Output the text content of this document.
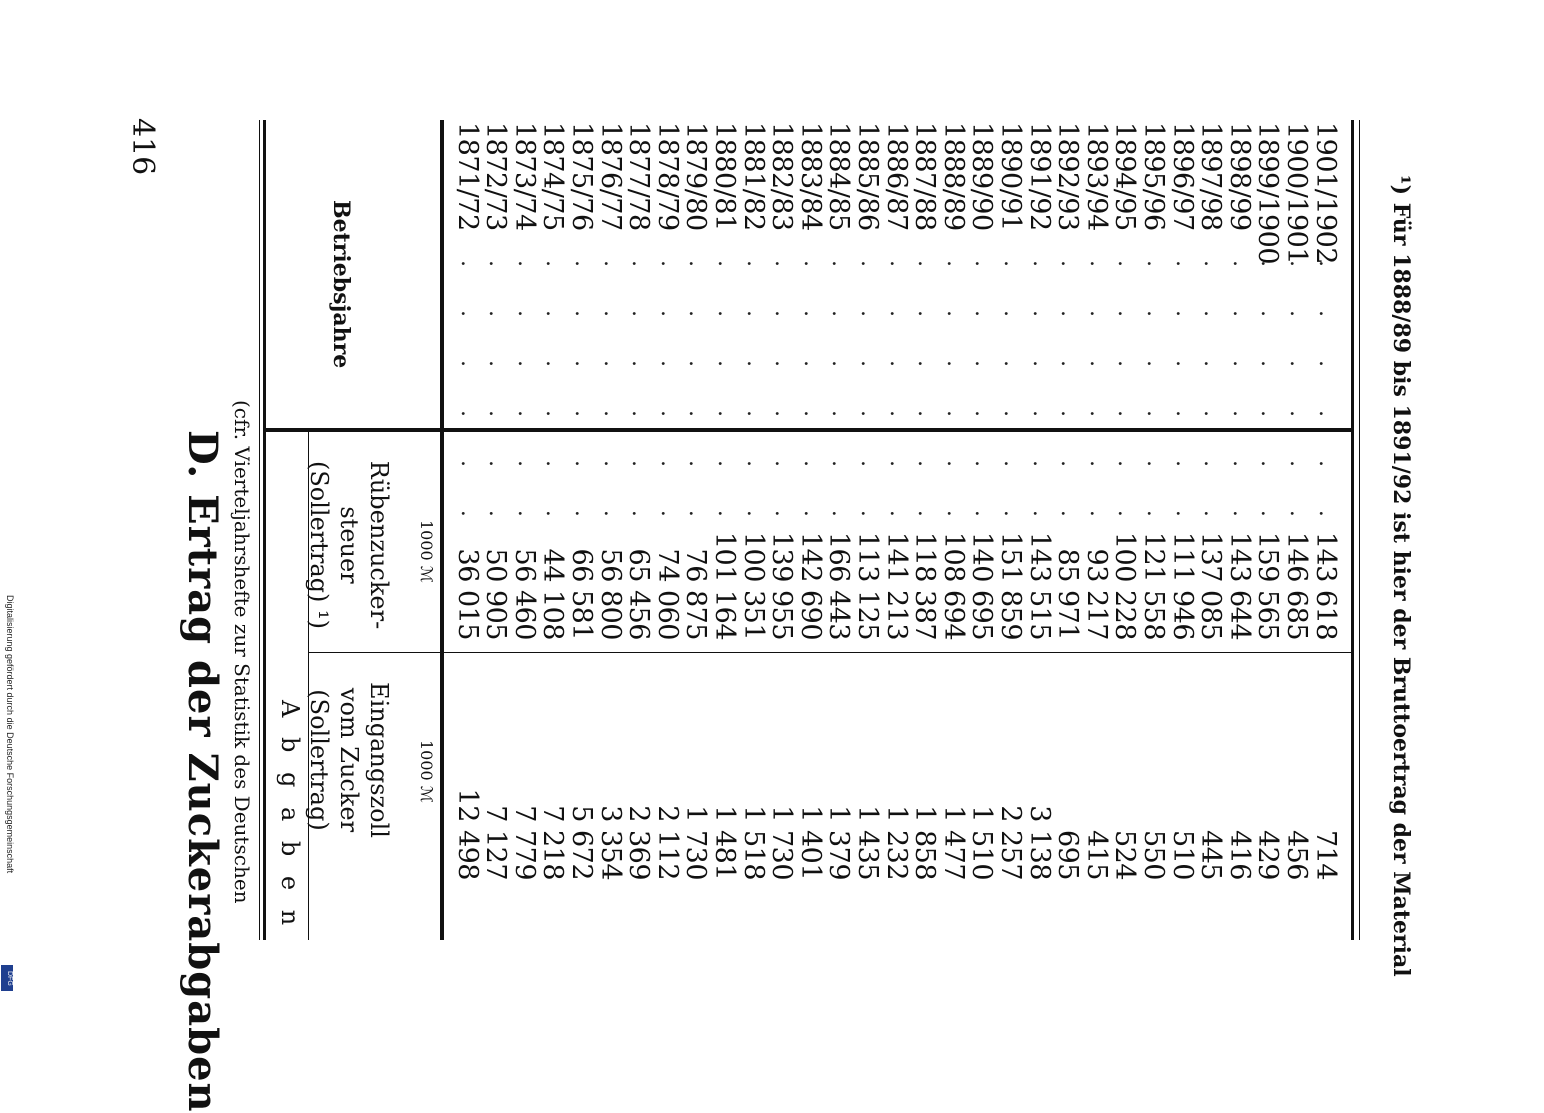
416
D. Ertrag der Zuckerabgaben (cfr. Vierteljahrshefte zur Statistik des Deutschen A b g a b e n
Betriebsjahre
Rübenzucker- steuer (Sollertrag) ¹)
Eingangszoll vom Zucker (Sollertrag)
1000 ℳ
1000 ℳ
1871/72
. . . . . .
36 015
12 498
1872/73
. . . . . .
50 905
7 127
1873/74
. . . . . .
56 460
7 779
1874/75
. . . . . .
44 108
7 218
1875/76
. . . . . .
66 581
5 672
1876/77
. . . . . .
56 800
3 354
1877/78
. . . . . .
65 456
2 369
1878/79
. . . . . .
74 060
2 112
1879/80
. . . . . .
76 875
1 730
1880/81
. . . . . .
101 164
1 481
1881/82
. . . . . .
100 351
1 518
1882/83
. . . . . .
139 955
1 730
1883/84
. . . . . .
142 690
1 401
1884/85
. . . . . .
166 443
1 379
1885/86
. . . . . .
113 125
1 435
1886/87
. . . . . .
141 213
1 232
1887/88
. . . . . .
118 387
1 858
1888/89
. . . . . .
108 694
1 477
1889/90
. . . . . .
140 695
1 510
1890/91
. . . . . .
151 859
2 257
1891/92
. . . . . .
143 515
3 138
1892/93
. . . . . .
85 971
695
1893/94
. . . . . .
93 217
415
1894/95
. . . . . .
100 228
524
1895/96
. . . . . .
121 558
550
1896/97
. . . . . .
111 946
510
1897/98
. . . . . .
137 085
445
1898/99
. . . . . .
143 644
416
1899/1900
. . . . . .
159 565
429
1900/1901
. . . . . .
146 685
456
1901/1902
. . . . . .
143 618
714 ¹) Für 1888/89 bis 1891/92 ist hier der Bruttoertrag der Material
Digitalisierung gefördert durch die Deutsche Forschungsgemeinschaft
DFG
